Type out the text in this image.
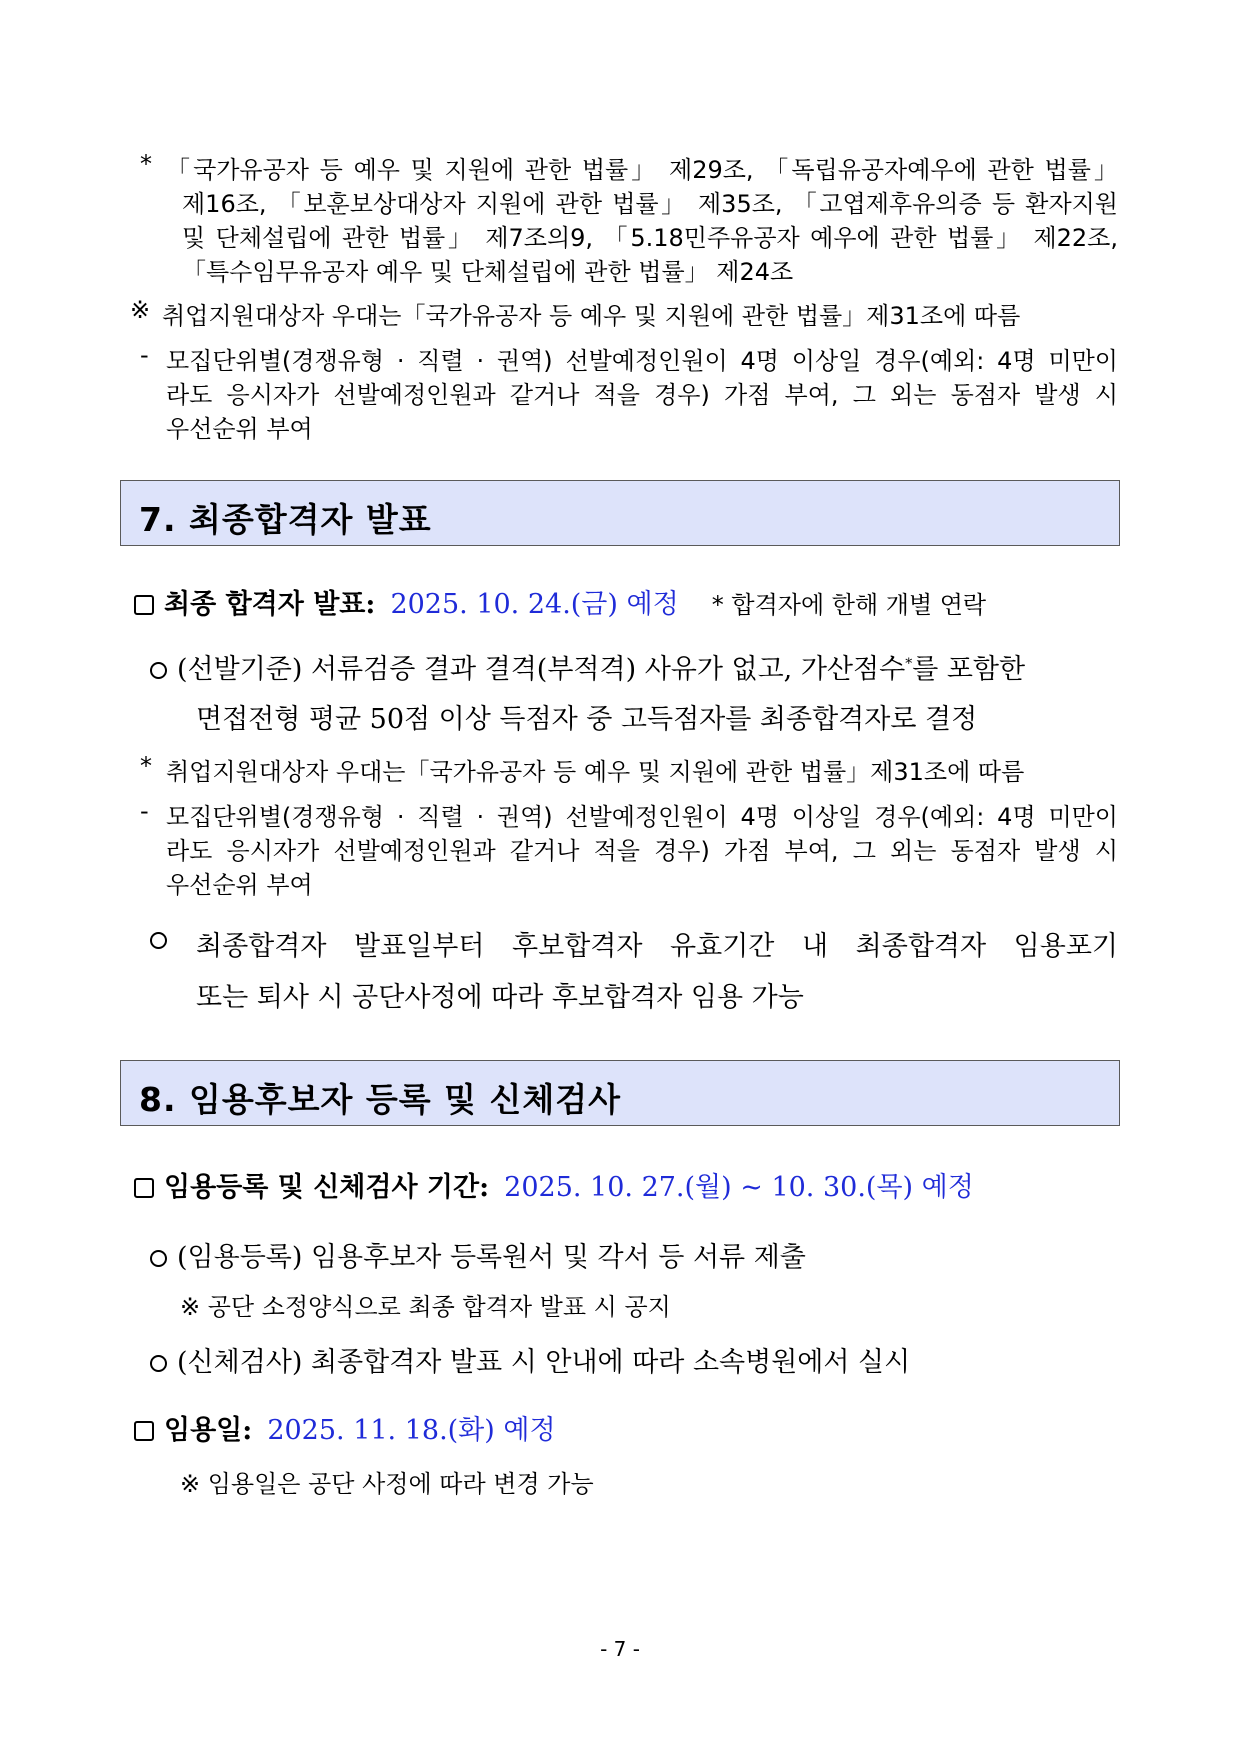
* 「국가유공자 등 예우 및 지원에 관한 법률」 제29조, 「독립유공자예우에 관한 법률」
제16조, 「보훈보상대상자 지원에 관한 법률」 제35조, 「고엽제후유의증 등 환자지원
및 단체설립에 관한 법률」 제7조의9, 「5.18민주유공자 예우에 관한 법률」 제22조,
「특수임무유공자 예우 및 단체설립에 관한 법률」 제24조
※ 취업지원대상자 우대는「국가유공자 등 예우 및 지원에 관한 법률」제31조에 따름
- 모집단위별(경쟁유형 · 직렬 · 권역) 선발예정인원이 4명 이상일 경우(예외: 4명 미만이
라도 응시자가 선발예정인원과 같거나 적을 경우) 가점 부여, 그 외는 동점자 발생 시
우선순위 부여
7. 최종합격자 발표
최종 합격자 발표: 2025. 10. 24.(금) 예정 * 합격자에 한해 개별 연락
(선발기준) 서류검증 결과 결격(부적격) 사유가 없고, 가산점수*를 포함한
면접전형 평균 50점 이상 득점자 중 고득점자를 최종합격자로 결정
* 취업지원대상자 우대는「국가유공자 등 예우 및 지원에 관한 법률」제31조에 따름
- 모집단위별(경쟁유형 · 직렬 · 권역) 선발예정인원이 4명 이상일 경우(예외: 4명 미만이
라도 응시자가 선발예정인원과 같거나 적을 경우) 가점 부여, 그 외는 동점자 발생 시
우선순위 부여
최종합격자 발표일부터 후보합격자 유효기간 내 최종합격자 임용포기
또는 퇴사 시 공단사정에 따라 후보합격자 임용 가능
8. 임용후보자 등록 및 신체검사
임용등록 및 신체검사 기간: 2025. 10. 27.(월) ~ 10. 30.(목) 예정
(임용등록) 임용후보자 등록원서 및 각서 등 서류 제출
※ 공단 소정양식으로 최종 합격자 발표 시 공지
(신체검사) 최종합격자 발표 시 안내에 따라 소속병원에서 실시
임용일: 2025. 11. 18.(화) 예정
※ 임용일은 공단 사정에 따라 변경 가능
- 7 -
